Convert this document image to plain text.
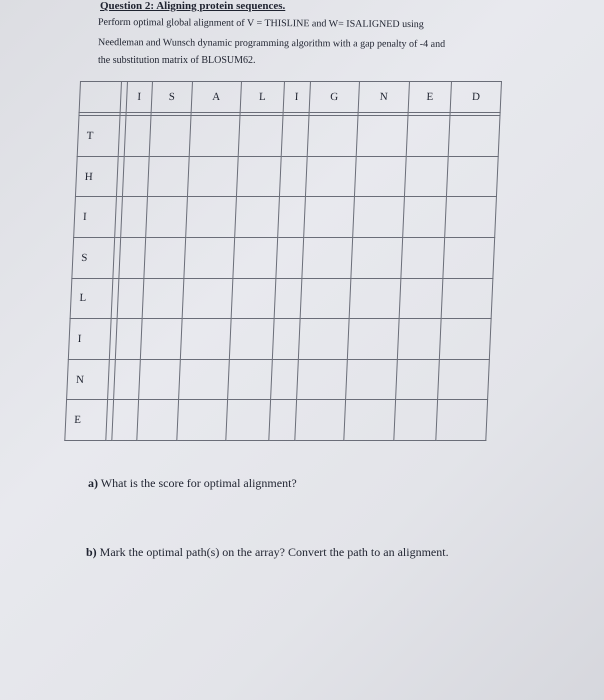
Question 2: Aligning protein sequences.
Perform optimal global alignment of V = THISLINE and W= ISALIGNED using
Needleman and Wunsch dynamic programming algorithm with a gap penalty of -4 and
the substitution matrix of BLOSUM62.
		I	S	A	L	I	G	N	E	D

T										
H										
I										
S										
L										
I										
N										
E										
a) What is the score for optimal alignment?
b) Mark the optimal path(s) on the array? Convert the path to an alignment.
